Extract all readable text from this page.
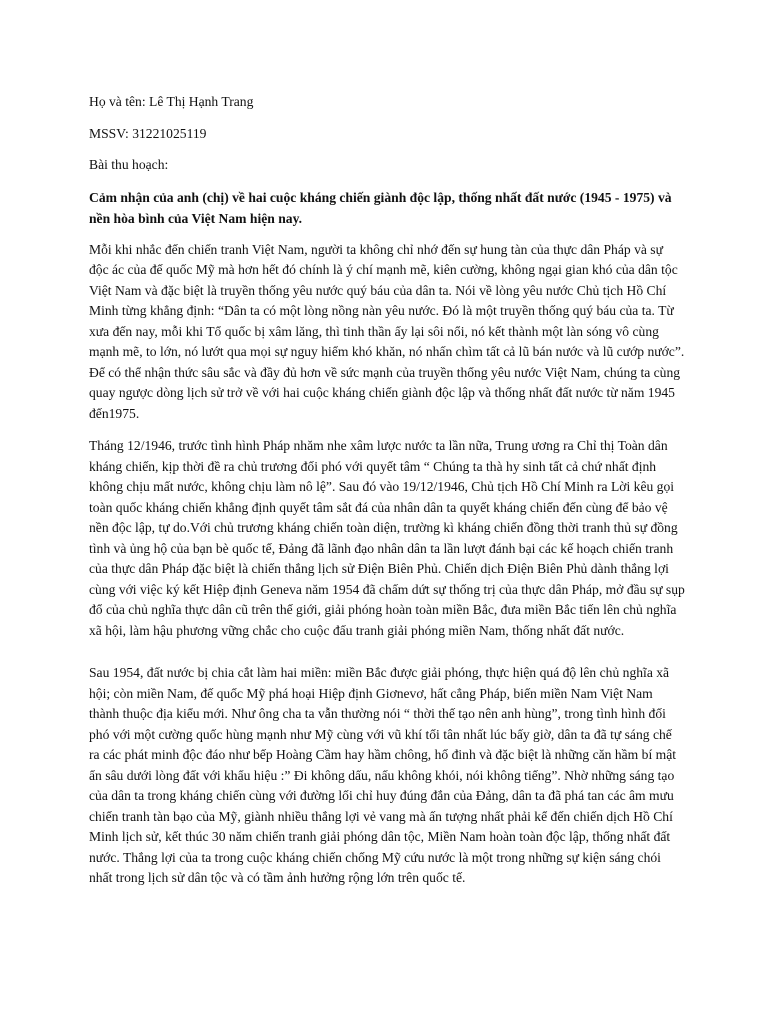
Họ và tên: Lê Thị Hạnh Trang
MSSV: 31221025119
Bài thu hoạch:
Cảm nhận của anh (chị) về hai cuộc kháng chiến giành độc lập, thống nhất đất nước (1945 - 1975) và nền hòa bình của Việt Nam hiện nay.
Mỗi khi nhắc đến chiến tranh Việt Nam, người ta không chỉ nhớ đến sự hung tàn của thực dân Pháp và sự độc ác của đế quốc Mỹ mà hơn hết đó chính là ý chí mạnh mẽ, kiên cường, không ngại gian khó của dân tộc Việt Nam và đặc biệt là truyền thống yêu nước quý báu của dân ta. Nói về lòng yêu nước Chủ tịch Hồ Chí Minh từng khẳng định: “Dân ta có một lòng nồng nàn yêu nước. Đó là một truyền thống quý báu của ta. Từ xưa đến nay, mỗi khi Tổ quốc bị xâm lăng, thì tinh thần ấy lại sôi nổi, nó kết thành một làn sóng vô cùng mạnh mẽ, to lớn, nó lướt qua mọi sự nguy hiểm khó khăn, nó nhấn chìm tất cả lũ bán nước và lũ cướp nước”. Để có thể nhận thức sâu sắc và đầy đủ hơn về sức mạnh của truyền thống yêu nước Việt Nam, chúng ta cùng quay ngược dòng lịch sử trở về với hai cuộc kháng chiến giành độc lập và thống nhất đất nước từ năm 1945 đến1975.
Tháng 12/1946, trước tình hình Pháp nhăm nhe xâm lược nước ta lần nữa, Trung ương ra Chỉ thị Toàn dân kháng chiến, kịp thời đề ra chủ trương đối phó với quyết tâm “ Chúng ta thà hy sinh tất cả chứ nhất định không chịu mất nước, không chịu làm nô lệ”. Sau đó vào 19/12/1946, Chủ tịch Hồ Chí Minh ra Lời kêu gọi toàn quốc kháng chiến khẳng định quyết tâm sắt đá của nhân dân ta quyết kháng chiến đến cùng để bảo vệ nền độc lập, tự do.Với chủ trương kháng chiến toàn diện, trường kì kháng chiến đồng thời tranh thủ sự đồng tình và ủng hộ của bạn bè quốc tế, Đảng đã lãnh đạo nhân dân ta lần lượt đánh bại các kế hoạch chiến tranh của thực dân Pháp đặc biệt là chiến thắng lịch sử Điện Biên Phủ. Chiến dịch Điện Biên Phủ dành thắng lợi cùng với việc ký kết Hiệp định Geneva năm 1954 đã chấm dứt sự thống trị của thực dân Pháp, mở đầu sự sụp đổ của chủ nghĩa thực dân cũ trên thế giới, giải phóng hoàn toàn miền Bắc, đưa miền Bắc tiến lên chủ nghĩa xã hội, làm hậu phương vững chắc cho cuộc đấu tranh giải phóng miền Nam, thống nhất đất nước.
Sau 1954, đất nước bị chia cắt làm hai miền: miền Bắc được giải phóng, thực hiện quá độ lên chủ nghĩa xã hội; còn miền Nam, đế quốc Mỹ phá hoại Hiệp định Giơnevơ, hất cẳng Pháp, biến miền Nam Việt Nam thành thuộc địa kiểu mới. Như ông cha ta vẫn thường nói “ thời thế tạo nên anh hùng”, trong tình hình đối phó với một cường quốc hùng mạnh như Mỹ cùng với vũ khí tối tân nhất lúc bấy giờ, dân ta đã tự sáng chế ra các phát minh độc đáo như bếp Hoàng Cầm hay hầm chông, hố đinh và đặc biệt là những căn hầm bí mật ẩn sâu dưới lòng đất với khẩu hiệu :” Đi không dấu, nấu không khói, nói không tiếng”. Nhờ những sáng tạo của dân ta trong kháng chiến cùng với đường lối chỉ huy đúng đắn của Đảng, dân ta đã phá tan các âm mưu chiến tranh tàn bạo của Mỹ, giành nhiều thắng lợi vẻ vang mà ấn tượng nhất phải kể đến chiến dịch Hồ Chí Minh lịch sử, kết thúc 30 năm chiến tranh giải phóng dân tộc, Miền Nam hoàn toàn độc lập, thống nhất đất nước. Thắng lợi của ta trong cuộc kháng chiến chống Mỹ cứu nước là một trong những sự kiện sáng chói nhất trong lịch sử dân tộc và có tầm ảnh hưởng rộng lớn trên quốc tế.
